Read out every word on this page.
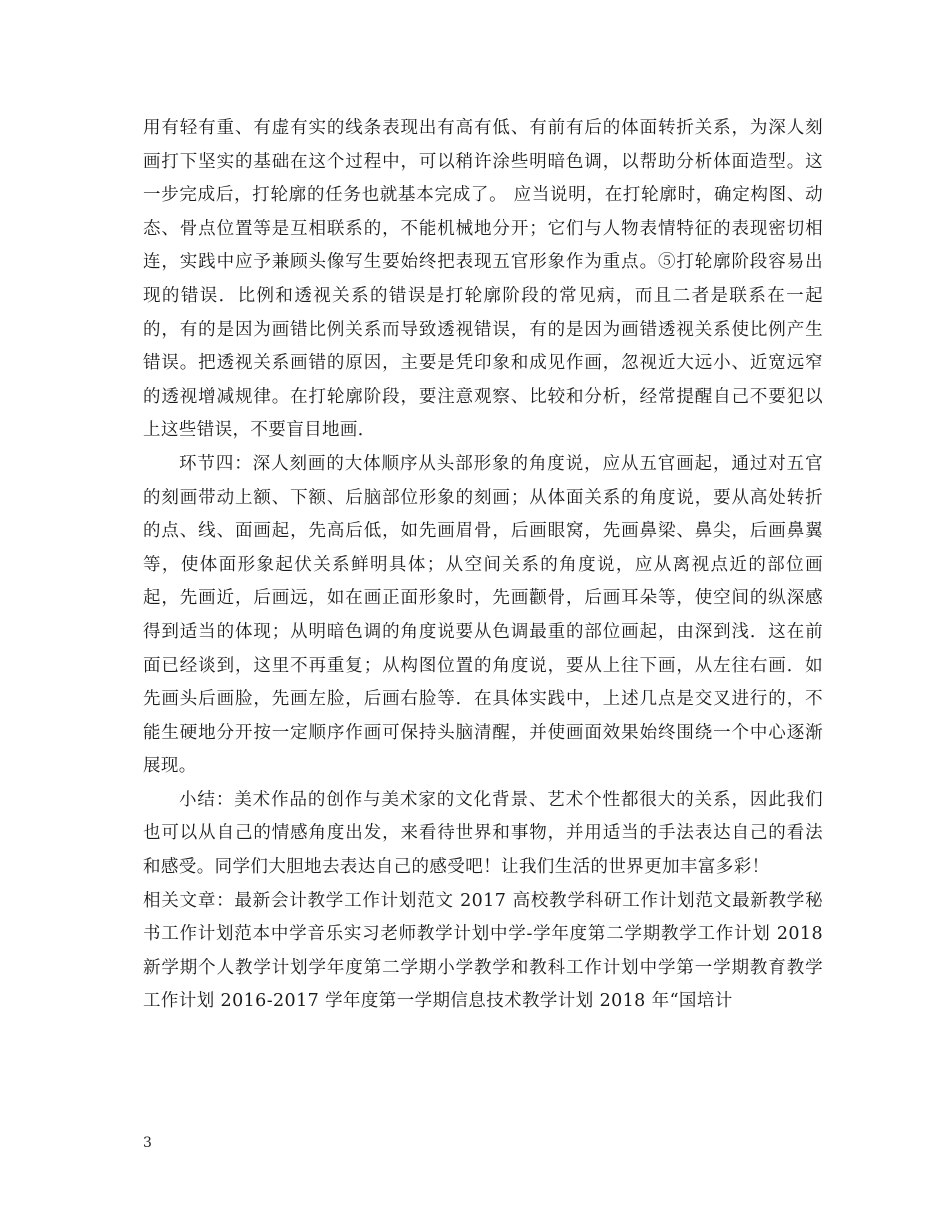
用有轻有重、有虚有实的线条表现出有高有低、有前有后的体面转折关系，为深人刻画打下坚实的基础在这个过程中，可以稍许涂些明暗色调，以帮助分析体面造型。这一步完成后，打轮廓的任务也就基本完成了。 应当说明，在打轮廓时，确定构图、动态、骨点位置等是互相联系的，不能机械地分开；它们与人物表情特征的表现密切相连，实践中应予兼顾头像写生要始终把表现五官形象作为重点。⑤打轮廓阶段容易出现的错误．比例和透视关系的错误是打轮廓阶段的常见病，而且二者是联系在一起的，有的是因为画错比例关系而导致透视错误，有的是因为画错透视关系使比例产生错误。把透视关系画错的原因，主要是凭印象和成见作画，忽视近大远小、近宽远窄的透视增减规律。在打轮廓阶段，要注意观察、比较和分析，经常提醒自己不要犯以上这些错误，不要盲目地画．

环节四：深人刻画的大体顺序从头部形象的角度说，应从五官画起，通过对五官的刻画带动上额、下额、后脑部位形象的刻画；从体面关系的角度说，要从高处转折的点、线、面画起，先高后低，如先画眉骨，后画眼窝，先画鼻梁、鼻尖，后画鼻翼等，使体面形象起伏关系鲜明具体；从空间关系的角度说，应从离视点近的部位画起，先画近，后画远，如在画正面形象时，先画颧骨，后画耳朵等，使空间的纵深感得到适当的体现；从明暗色调的角度说要从色调最重的部位画起，由深到浅．这在前面已经谈到，这里不再重复；从构图位置的角度说，要从上往下画，从左往右画．如先画头后画脸，先画左脸，后画右脸等．在具体实践中，上述几点是交叉进行的，不能生硬地分开按一定顺序作画可保持头脑清醒，并使画面效果始终围绕一个中心逐渐展现。

小结：美术作品的创作与美术家的文化背景、艺术个性都很大的关系，因此我们也可以从自己的情感角度出发，来看待世界和事物，并用适当的手法表达自己的看法和感受。同学们大胆地去表达自己的感受吧！让我们生活的世界更加丰富多彩！

相关文章：最新会计教学工作计划范文 2017 高校教学科研工作计划范文最新教学秘书工作计划范本中学音乐实习老师教学计划中学-学年度第二学期教学工作计划 2018 新学期个人教学计划学年度第二学期小学教学和教科工作计划中学第一学期教育教学工作计划 2016-2017 学年度第一学期信息技术教学计划 2018 年“国培计

3
